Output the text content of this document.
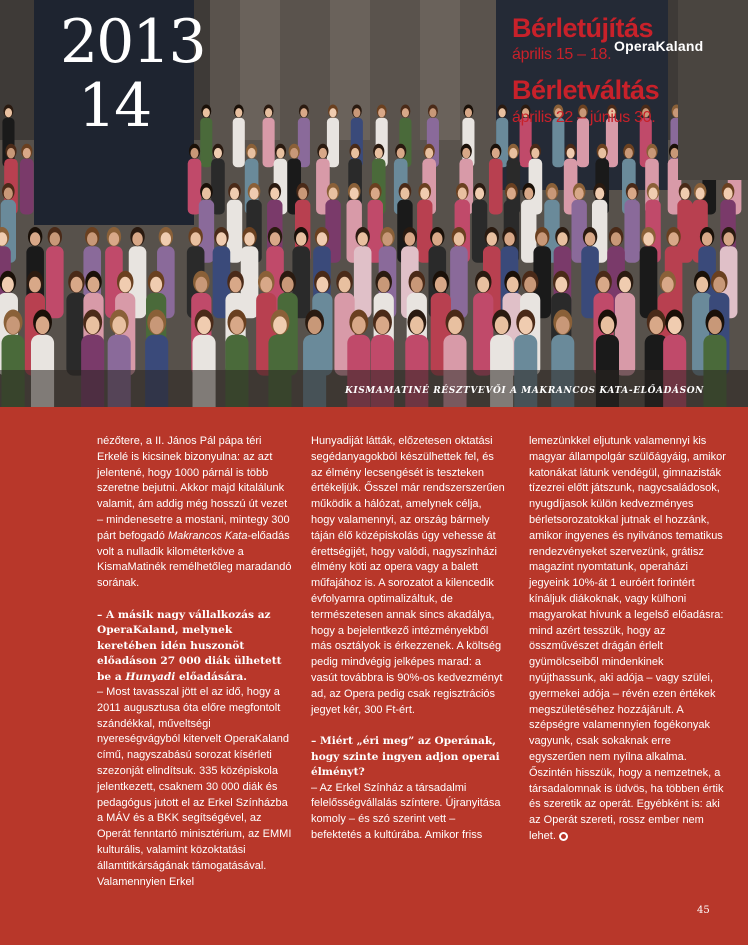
2013
14
Bérletújítás
április 15 – 18.
Bérletváltás
április 22 – június 30.
OperaKaland
KISMAMATINÉ RÉSZTVEVŐI A MAKRANCOS KATA-ELŐADÁSON

nézőtere, a II. János Pál pápa téri Erkelé is kicsinek bizonyulna: az azt jelentené, hogy 1000 párnál is több szeretne bejutni. Akkor majd kitalálunk valamit, ám addig még hosszú út vezet – mindenesetre a mostani, mintegy 300 párt befogadó Makrancos Kata-előadás volt a nulladik kilométerköve a KismaMatinék remélhetőleg maradandó sorának.

– A másik nagy vállalkozás az OperaKaland, melynek keretében idén huszonöt előadáson 27 000 diák ülhetett be a Hunyadi előadására.

– Most tavasszal jött el az idő, hogy a 2011 augusztusa óta előre megfontolt szándékkal, műveltségi nyereségvágyból kitervelt OperaKaland című, nagyszabású sorozat kísérleti szezonját elindítsuk. 335 középiskola jelentkezett, csaknem 30 000 diák és pedagógus jutott el az Erkel Színházba a MÁV és a BKK segítségével, az Operát fenntartó minisztérium, az EMMI kulturális, valamint közoktatási államtitkárságának támogatásával. Valamennyien Erkel

Hunyadiját látták, előzetesen oktatási segédanyagokból készülhettek fel, és az élmény lecsengését is teszteken értékeljük. Ősszel már rendszerszerűen működik a hálózat, amelynek célja, hogy valamennyi, az ország bármely táján élő középiskolás úgy vehesse át érettségijét, hogy valódi, nagyszínházi élmény köti az opera vagy a balett műfajához is. A sorozatot a kilencedik évfolyamra optimalizáltuk, de természetesen annak sincs akadálya, hogy a bejelentkező intézményekből más osztályok is érkezzenek. A költség pedig mindvégig jelképes marad: a vasút továbbra is 90%-os kedvezményt ad, az Opera pedig csak regisztrációs jegyet kér, 300 Ft-ért.

– Miért „éri meg” az Operának, hogy szinte ingyen adjon operai élményt?

– Az Erkel Színház a társadalmi felelősségvállalás színtere. Újranyitása komoly – és szó szerint vett – befektetés a kultúrába. Amikor friss

lemezünkkel eljutunk valamennyi kis magyar állampolgár szülőágyáig, amikor katonákat látunk vendégül, gimnazisták tízezrei előtt játszunk, nagycsaládosok, nyugdíjasok külön kedvezményes bérletsorozatokkal jutnak el hozzánk, amikor ingyenes és nyilvános tematikus rendezvényeket szervezünk, grátisz magazint nyomtatunk, operaházi jegyeink 10%-át 1 euróért forintért kínáljuk diákoknak, vagy külhoni magyarokat hívunk a legelső előadásra: mind azért tesszük, hogy az összművészet drágán érlelt gyümölcseiből mindenkinek nyújthassunk, aki adója – vagy szülei, gyermekei adója – révén ezen értékek megszületéséhez hozzájárult. A szépségre valamennyien fogékonyak vagyunk, csak sokaknak erre egyszerűen nem nyílna alkalma. Őszintén hisszük, hogy a nemzetnek, a társadalomnak is üdvös, ha többen értik és szeretik az operát. Egyébként is: aki az Operát szereti, rossz ember nem lehet.

45
